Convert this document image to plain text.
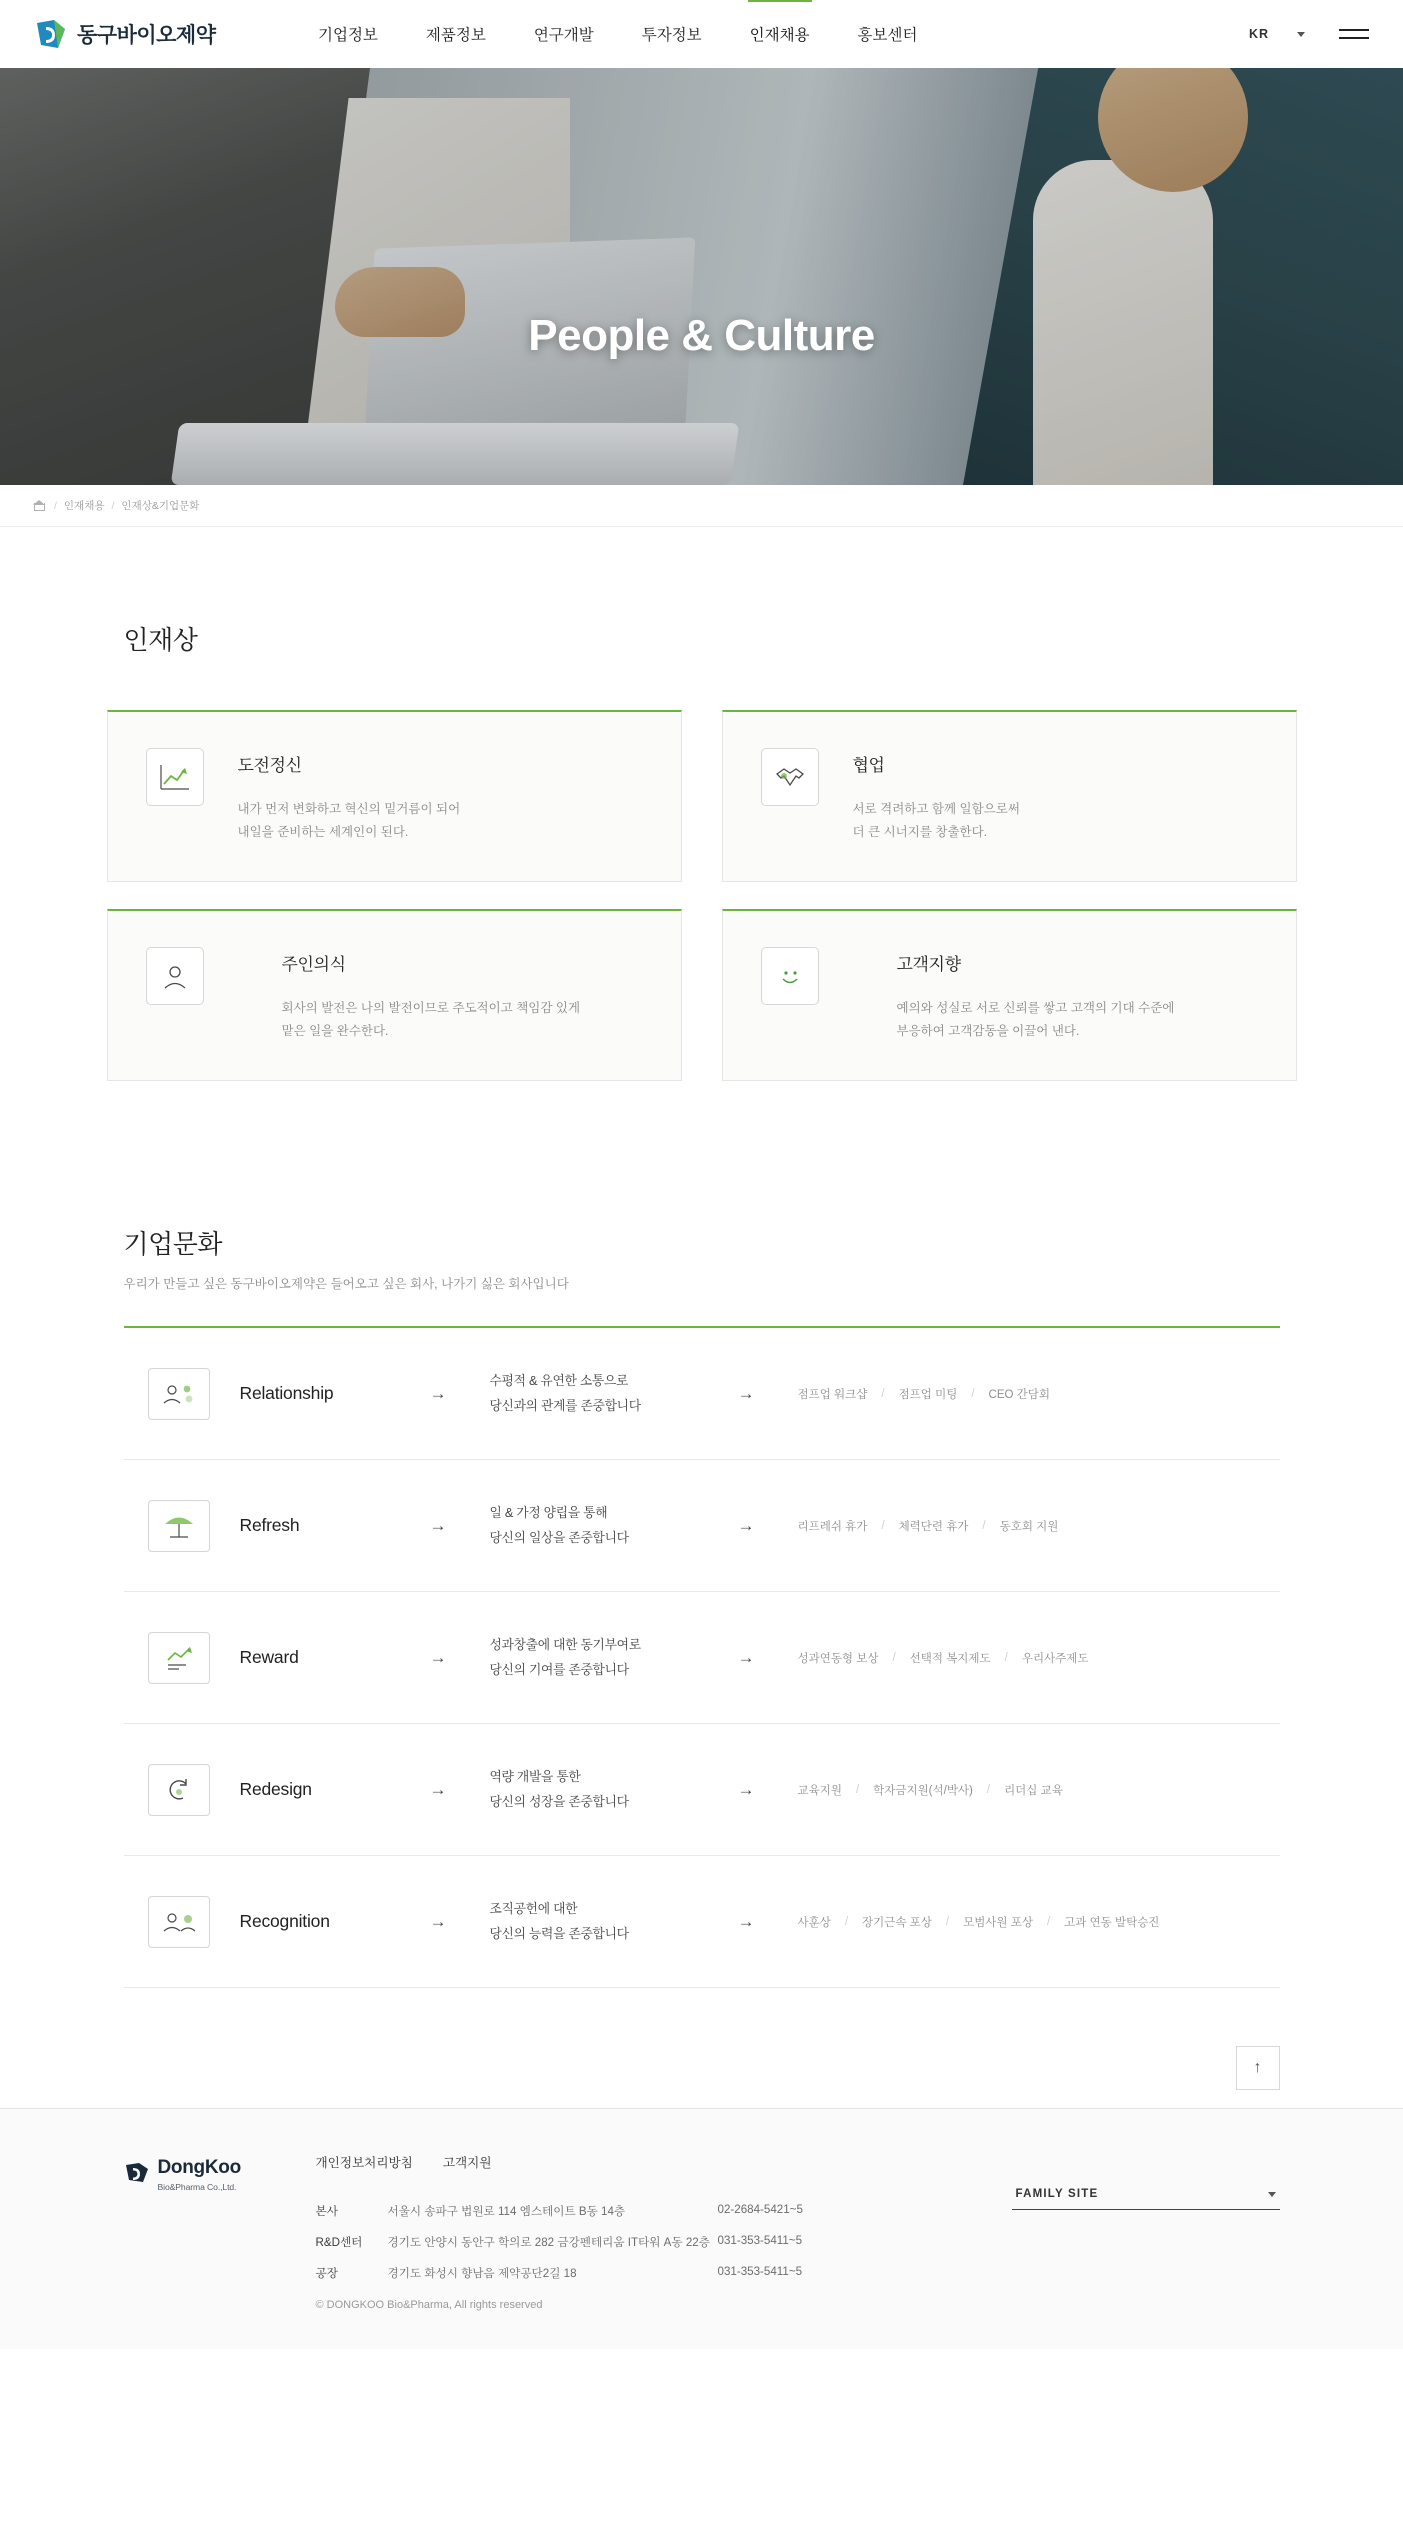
동구바이오제약	기업정보	제품정보	연구개발	투자정보	인재채용	홍보센터	KR
People & Culture
/ 인재채용 / 인재상&기업문화
인재상
도전정신
내가 먼저 변화하고 혁신의 밑거름이 되어
내일을 준비하는 세계인이 된다.
협업
서로 격려하고 함께 일함으로써
더 큰 시너지를 창출한다.
주인의식
회사의 발전은 나의 발전이므로 주도적이고 책임감 있게
맡은 일을 완수한다.
고객지향
예의와 성실로 서로 신뢰를 쌓고 고객의 기대 수준에
부응하여 고객감동을 이끌어 낸다.
기업문화
우리가 만들고 싶은 동구바이오제약은 들어오고 싶은 회사, 나가기 싫은 회사입니다
Relationship	→
수평적 & 유연한 소통으로
당신과의 관계를 존중합니다
→	점프업 워크샵 / 점프업 미팅 / CEO 간담회
Refresh	→
일 & 가정 양립을 통해
당신의 일상을 존중합니다
→	리프레쉬 휴가 / 체력단련 휴가 / 동호회 지원
Reward	→
성과창출에 대한 동기부여로
당신의 기여를 존중합니다
→	성과연동형 보상 / 선택적 복지제도 / 우리사주제도
Redesign	→
역량 개발을 통한
당신의 성장을 존중합니다
→	교육지원 / 학자금지원(석/박사) / 리더십 교육
Recognition	→
조직공헌에 대한
당신의 능력을 존중합니다
→	사훈상 / 장기근속 포상 / 모범사원 포상 / 고과 연동 발탁승진
↑
DongKoo
Bio&Pharma Co.,Ltd.
개인정보처리방침 고객지원
본사	서울시 송파구 법원로 114 엠스테이트 B동 14층	02-2684-5421~5
R&D센터	경기도 안양시 동안구 학의로 282 금강펜테리움 IT타워 A동 22층 031-353-5411~5
공장	경기도 화성시 향남음 제약공단2길 18	031-353-5411~5
© DONGKOO Bio&Pharma, All rights reserved
FAMILY SITE
